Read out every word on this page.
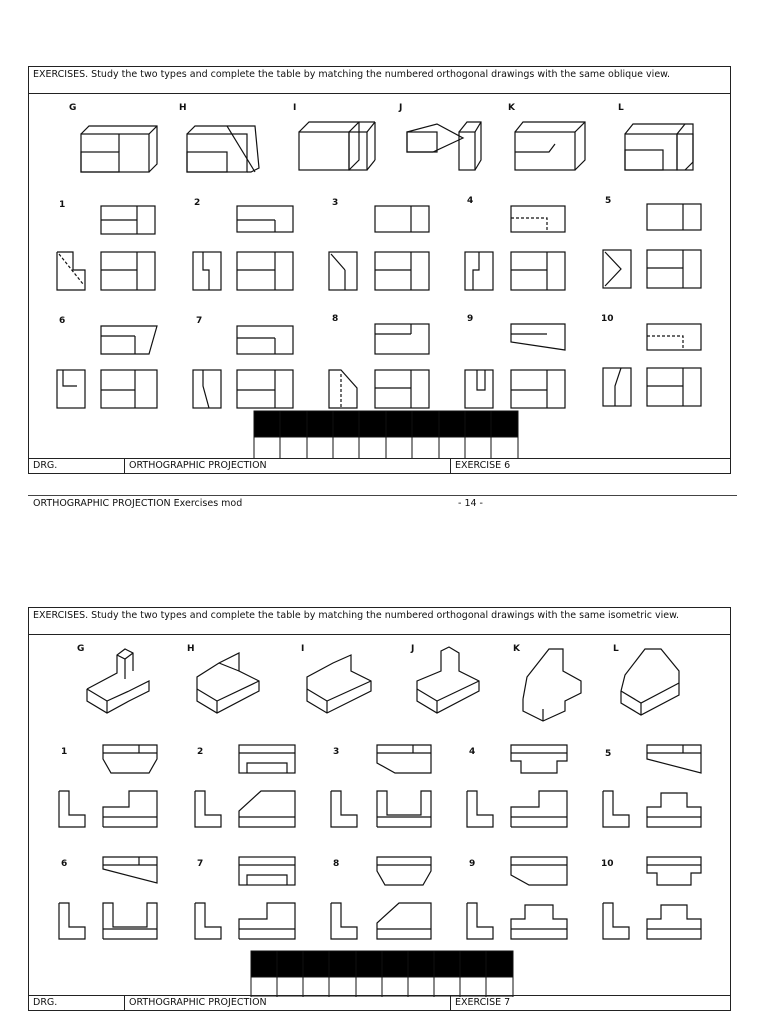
EXERCISES. Study the two types and complete the table by matching the numbered orthogonal drawings with the same oblique view.
G	H	I	J	K	L
1	2	3	4	5
6	7	8	9	10
DRG.	ORTHOGRAPHIC PROJECTION	EXERCISE 6
ORTHOGRAPHIC PROJECTION Exercises mod	- 14 -
EXERCISES. Study the two types and complete the table by matching the numbered orthogonal drawings with the same isometric view.
G	H	I	J	K	L
1	2	3	4	5
6	7	8	9	10
DRG.	ORTHOGRAPHIC PROJECTION	EXERCISE 7
